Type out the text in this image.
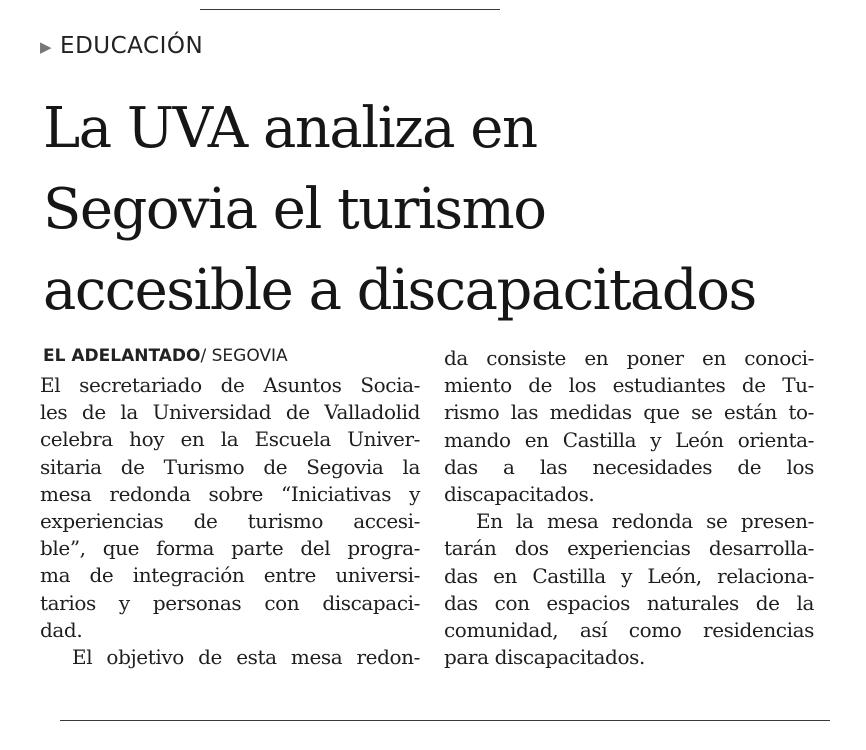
▶ EDUCACIÓN
La UVA analiza en
Segovia el turismo
accesible a discapacitados
EL ADELANTADO/ SEGOVIA
El secretariado de Asuntos Socia-
les de la Universidad de Valladolid
celebra hoy en la Escuela Univer-
sitaria de Turismo de Segovia la
mesa redonda sobre “Iniciativas y
experiencias de turismo accesi-
ble”, que forma parte del progra-
ma de integración entre universi-
tarios y personas con discapaci-
dad.
El objetivo de esta mesa redon-
da consiste en poner en conoci-
miento de los estudiantes de Tu-
rismo las medidas que se están to-
mando en Castilla y León orienta-
das a las necesidades de los
discapacitados.
En la mesa redonda se presen-
tarán dos experiencias desarrolla-
das en Castilla y León, relaciona-
das con espacios naturales de la
comunidad, así como residencias
para discapacitados.
